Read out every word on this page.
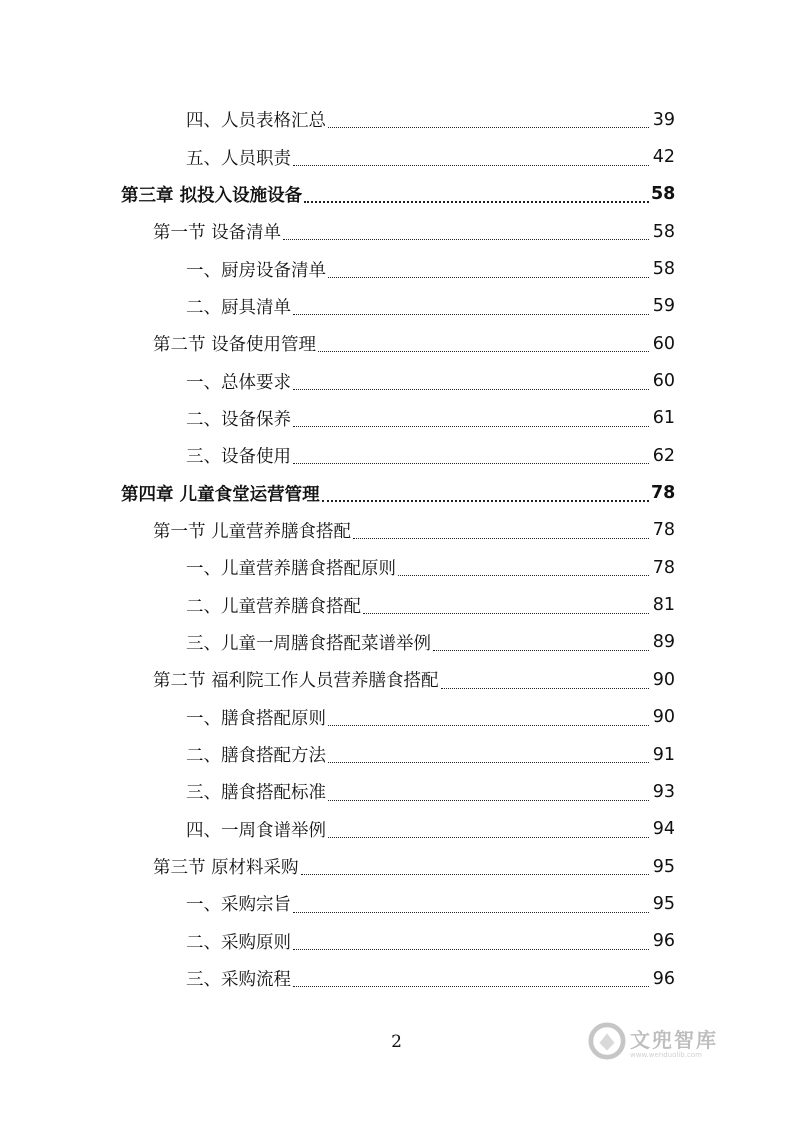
四、人员表格汇总	39
五、人员职责	42
第三章 拟投入设施设备	58
第一节 设备清单	58
一、厨房设备清单	58
二、厨具清单	59
第二节 设备使用管理	60
一、总体要求	60
二、设备保养	61
三、设备使用	62
第四章 儿童食堂运营管理	78
第一节 儿童营养膳食搭配	78
一、儿童营养膳食搭配原则	78
二、儿童营养膳食搭配	81
三、儿童一周膳食搭配菜谱举例	89
第二节 福利院工作人员营养膳食搭配	90
一、膳食搭配原则	90
二、膳食搭配方法	91
三、膳食搭配标准	93
四、一周食谱举例	94
第三节 原材料采购	95
一、采购宗旨	95
二、采购原则	96
三、采购流程	96
2	文兜智库
www.wenduolib.com
